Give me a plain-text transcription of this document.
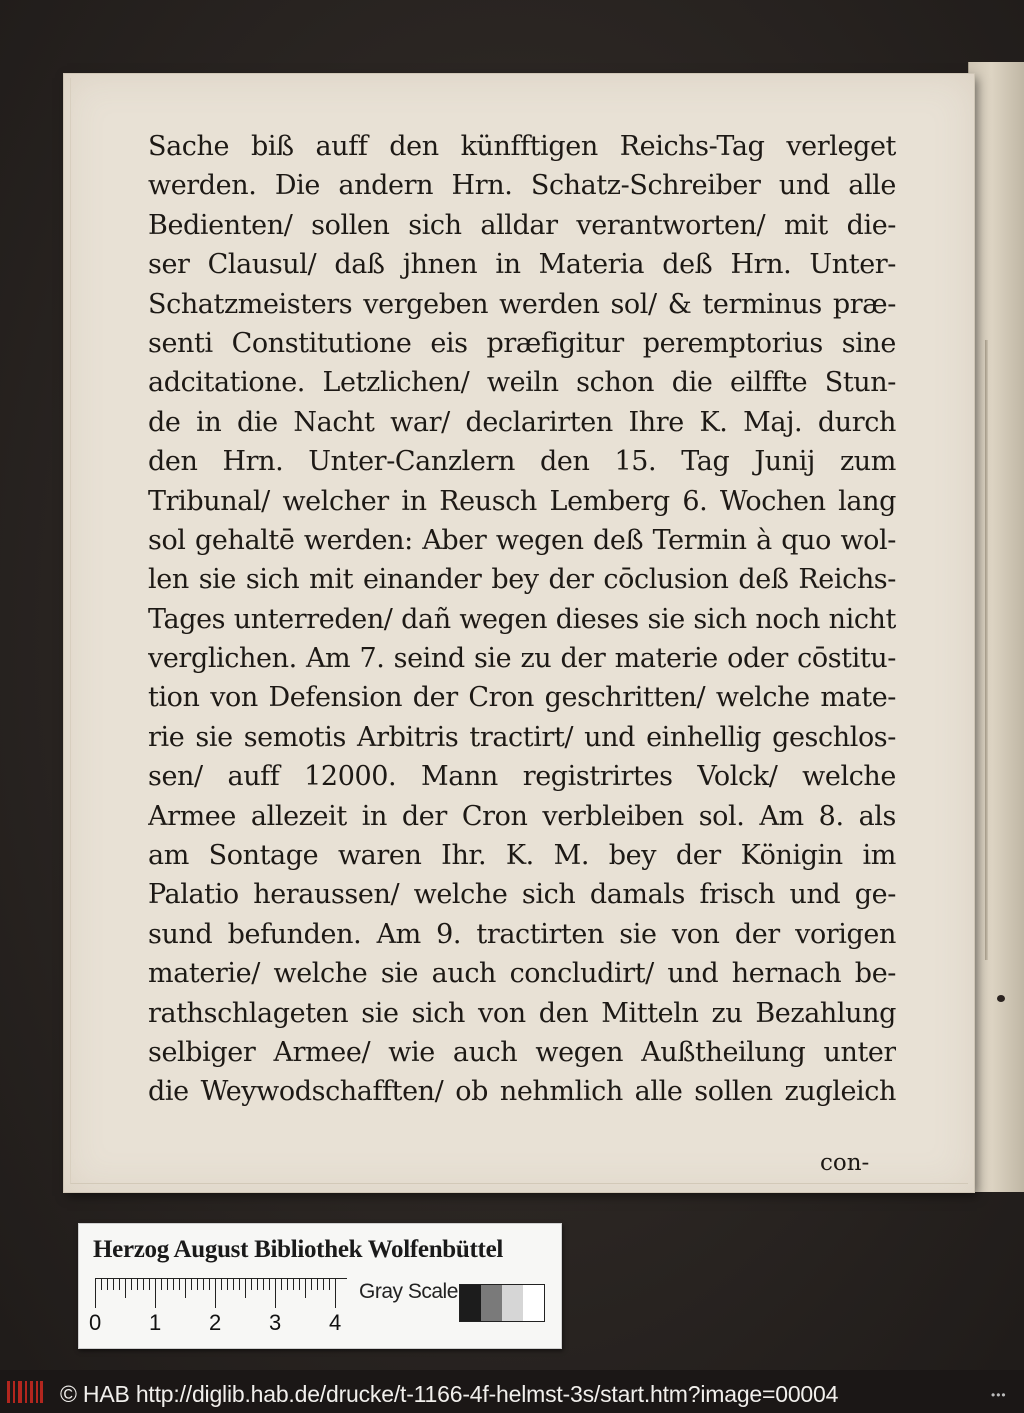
Sache biß auff den künfftigen Reichs-Tag verleget
werden. Die andern Hrn. Schatz-Schreiber und alle
Bedienten/ sollen sich alldar verantworten/ mit die-
ser Clausul/ daß jhnen in Materia deß Hrn. Unter-
Schatzmeisters vergeben werden sol/ & terminus præ-
senti Constitutione eis præfigitur peremptorius sine
adcitatione. Letzlichen/ weiln schon die eilffte Stun-
de in die Nacht war/ declarirten Ihre K. Maj. durch
den Hrn. Unter-Canzlern den 15. Tag Junij zum
Tribunal/ welcher in Reusch Lemberg 6. Wochen lang
sol gehaltē werden: Aber wegen deß Termin à quo wol-
len sie sich mit einander bey der cōclusion deß Reichs-
Tages unterreden/ dañ wegen dieses sie sich noch nicht
verglichen. Am 7. seind sie zu der materie oder cōstitu-
tion von Defension der Cron geschritten/ welche mate-
rie sie semotis Arbitris tractirt/ und einhellig geschlos-
sen/ auff 12000. Mann registrirtes Volck/ welche
Armee allezeit in der Cron verbleiben sol. Am 8. als
am Sontage waren Ihr. K. M. bey der Königin im
Palatio heraussen/ welche sich damals frisch und ge-
sund befunden. Am 9. tractirten sie von der vorigen
materie/ welche sie auch concludirt/ und hernach be-
rathschlageten sie sich von den Mitteln zu Bezahlung
selbiger Armee/ wie auch wegen Außtheilung unter
die Weywodschafften/ ob nehmlich alle sollen zugleich
con-
Herzog August Bibliothek Wolfenbüttel
0 1 2 3 4
Gray Scale
© HAB http://diglib.hab.de/drucke/t-1166-4f-helmst-3s/start.htm?image=00004	•••
